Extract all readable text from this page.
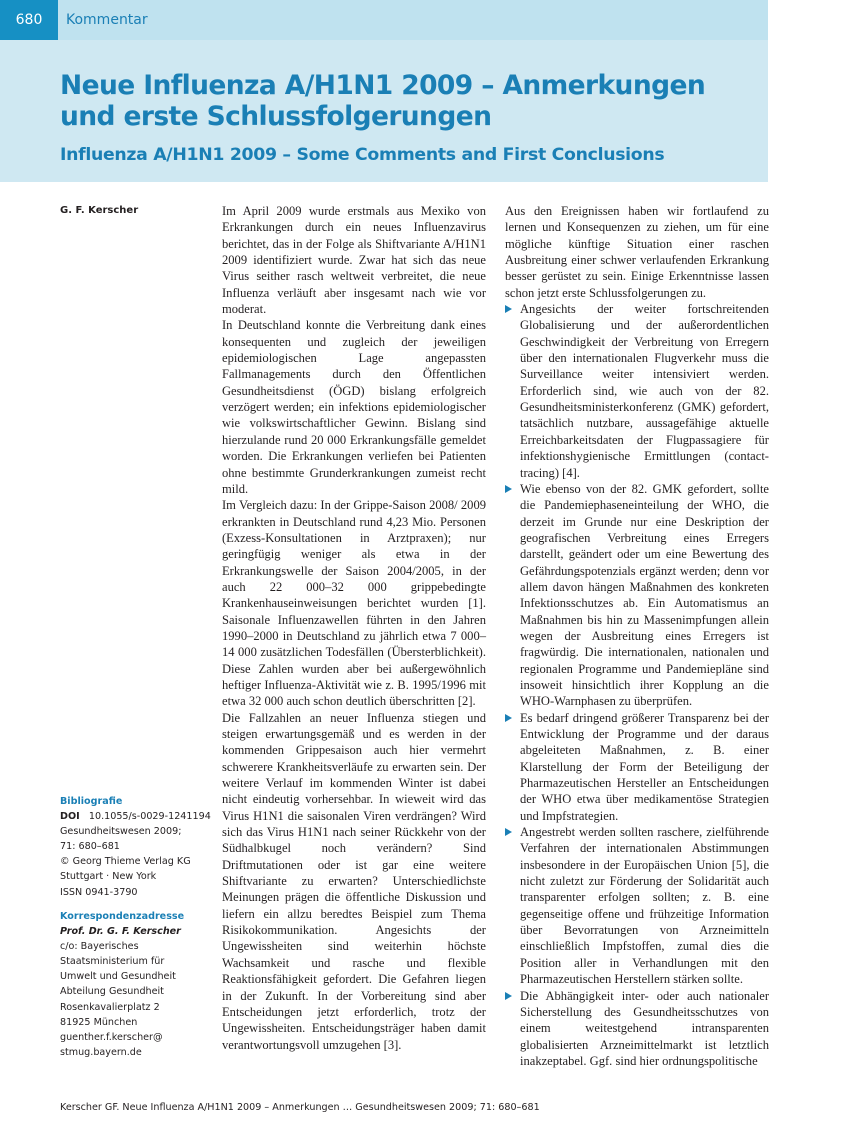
680	Kommentar
Neue Influenza A/H1N1 2009 – Anmerkungen und erste Schlussfolgerungen
Influenza A/H1N1 2009 – Some Comments and First Conclusions

G. F. Kerscher

Bibliografie
DOI 10.1055/s-0029-1241194
Gesundheitswesen 2009;
71: 680–681
© Georg Thieme Verlag KG
Stuttgart · New York
ISSN 0941-3790
Korrespondenzadresse
Prof. Dr. G. F. Kerscher
c/o: Bayerisches
Staatsministerium für
Umwelt und Gesundheit
Abteilung Gesundheit
Rosenkavalierplatz 2
81925 München
guenther.f.kerscher@
stmug.bayern.de

Im April 2009 wurde erstmals aus Mexiko von Erkrankungen durch ein neues Influenzavirus berichtet, das in der Folge als Shiftvariante A/H1N1 2009 identifiziert wurde. Zwar hat sich das neue Virus seither rasch weltweit verbreitet, die neue Influenza verläuft aber insgesamt nach wie vor moderat.

In Deutschland konnte die Verbreitung dank eines konsequenten und zugleich der jeweiligen epidemiologischen Lage angepassten Fallmanagements durch den Öffentlichen Gesundheitsdienst (ÖGD) bislang erfolgreich verzögert werden; ein infektions epidemiologischer wie volkswirtschaftlicher Gewinn. Bislang sind hierzulande rund 20 000 Erkrankungsfälle gemeldet worden. Die Erkrankungen verliefen bei Patienten ohne bestimmte Grunderkrankungen zumeist recht mild.

Im Vergleich dazu: In der Grippe-Saison 2008/ 2009 erkrankten in Deutschland rund 4,23 Mio. Personen (Exzess-Konsultationen in Arztpraxen); nur geringfügig weniger als etwa in der Erkrankungswelle der Saison 2004/2005, in der auch 22 000–32 000 grippebedingte Krankenhauseinweisungen berichtet wurden [1]. Saisonale Influenzawellen führten in den Jahren 1990–2000 in Deutschland zu jährlich etwa 7 000–14 000 zusätzlichen Todesfällen (Übersterblichkeit). Diese Zahlen wurden aber bei außergewöhnlich heftiger Influenza-Aktivität wie z. B. 1995/1996 mit etwa 32 000 auch schon deutlich überschritten [2].

Die Fallzahlen an neuer Influenza stiegen und steigen erwartungsgemäß und es werden in der kommenden Grippesaison auch hier vermehrt schwerere Krankheitsverläufe zu erwarten sein. Der weitere Verlauf im kommenden Winter ist dabei nicht eindeutig vorhersehbar. In wieweit wird das Virus H1N1 die saisonalen Viren verdrängen? Wird sich das Virus H1N1 nach seiner Rückkehr von der Südhalbkugel noch verändern? Sind Driftmutationen oder ist gar eine weitere Shiftvariante zu erwarten? Unterschiedlichste Meinungen prägen die öffentliche Diskussion und liefern ein allzu beredtes Beispiel zum Thema Risikokommunikation. Angesichts der Ungewissheiten sind weiterhin höchste Wachsamkeit und rasche und flexible Reaktionsfähigkeit gefordert. Die Gefahren liegen in der Zukunft. In der Vorbereitung sind aber Entscheidungen jetzt erforderlich, trotz der Ungewissheiten. Entscheidungsträger haben damit verantwortungsvoll umzugehen [3].

Aus den Ereignissen haben wir fortlaufend zu lernen und Konsequenzen zu ziehen, um für eine mögliche künftige Situation einer raschen Ausbreitung einer schwer verlaufenden Erkrankung besser gerüstet zu sein. Einige Erkenntnisse lassen schon jetzt erste Schlussfolgerungen zu.

Angesichts der weiter fortschreitenden Globalisierung und der außerordentlichen Geschwindigkeit der Verbreitung von Erregern über den internationalen Flugverkehr muss die Surveillance weiter intensiviert werden. Erforderlich sind, wie auch von der 82. Gesundheitsministerkonferenz (GMK) gefordert, tatsächlich nutzbare, aussagefähige aktuelle Erreichbarkeitsdaten der Flugpassagiere für infektionshygienische Ermittlungen (contact-tracing) [4].
Wie ebenso von der 82. GMK gefordert, sollte die Pandemiephaseneinteilung der WHO, die derzeit im Grunde nur eine Deskription der geografischen Verbreitung eines Erregers darstellt, geändert oder um eine Bewertung des Gefährdungspotenzials ergänzt werden; denn vor allem davon hängen Maßnahmen des konkreten Infektionsschutzes ab. Ein Automatismus an Maßnahmen bis hin zu Massenimpfungen allein wegen der Ausbreitung eines Erregers ist fragwürdig. Die internationalen, nationalen und regionalen Programme und Pandemiepläne sind insoweit hinsichtlich ihrer Kopplung an die WHO-Warnphasen zu überprüfen.
Es bedarf dringend größerer Transparenz bei der Entwicklung der Programme und der daraus abgeleiteten Maßnahmen, z. B. einer Klarstellung der Form der Beteiligung der Pharmazeutischen Hersteller an Entscheidungen der WHO etwa über medikamentöse Strategien und Impfstrategien.
Angestrebt werden sollten raschere, zielführende Verfahren der internationalen Abstimmungen insbesondere in der Europäischen Union [5], die nicht zuletzt zur Förderung der Solidarität auch transparenter erfolgen sollten; z. B. eine gegenseitige offene und frühzeitige Information über Bevorratungen von Arzneimitteln einschließlich Impfstoffen, zumal dies die Position aller in Verhandlungen mit den Pharmazeutischen Herstellern stärken sollte.
Die Abhängigkeit inter- oder auch nationaler Sicherstellung des Gesundheitsschutzes von einem weitestgehend intransparenten globalisierten Arzneimittelmarkt ist letztlich inakzeptabel. Ggf. sind hier ordnungspolitische

Kerscher GF. Neue Influenza A/H1N1 2009 – Anmerkungen … Gesundheitswesen 2009; 71: 680–681
